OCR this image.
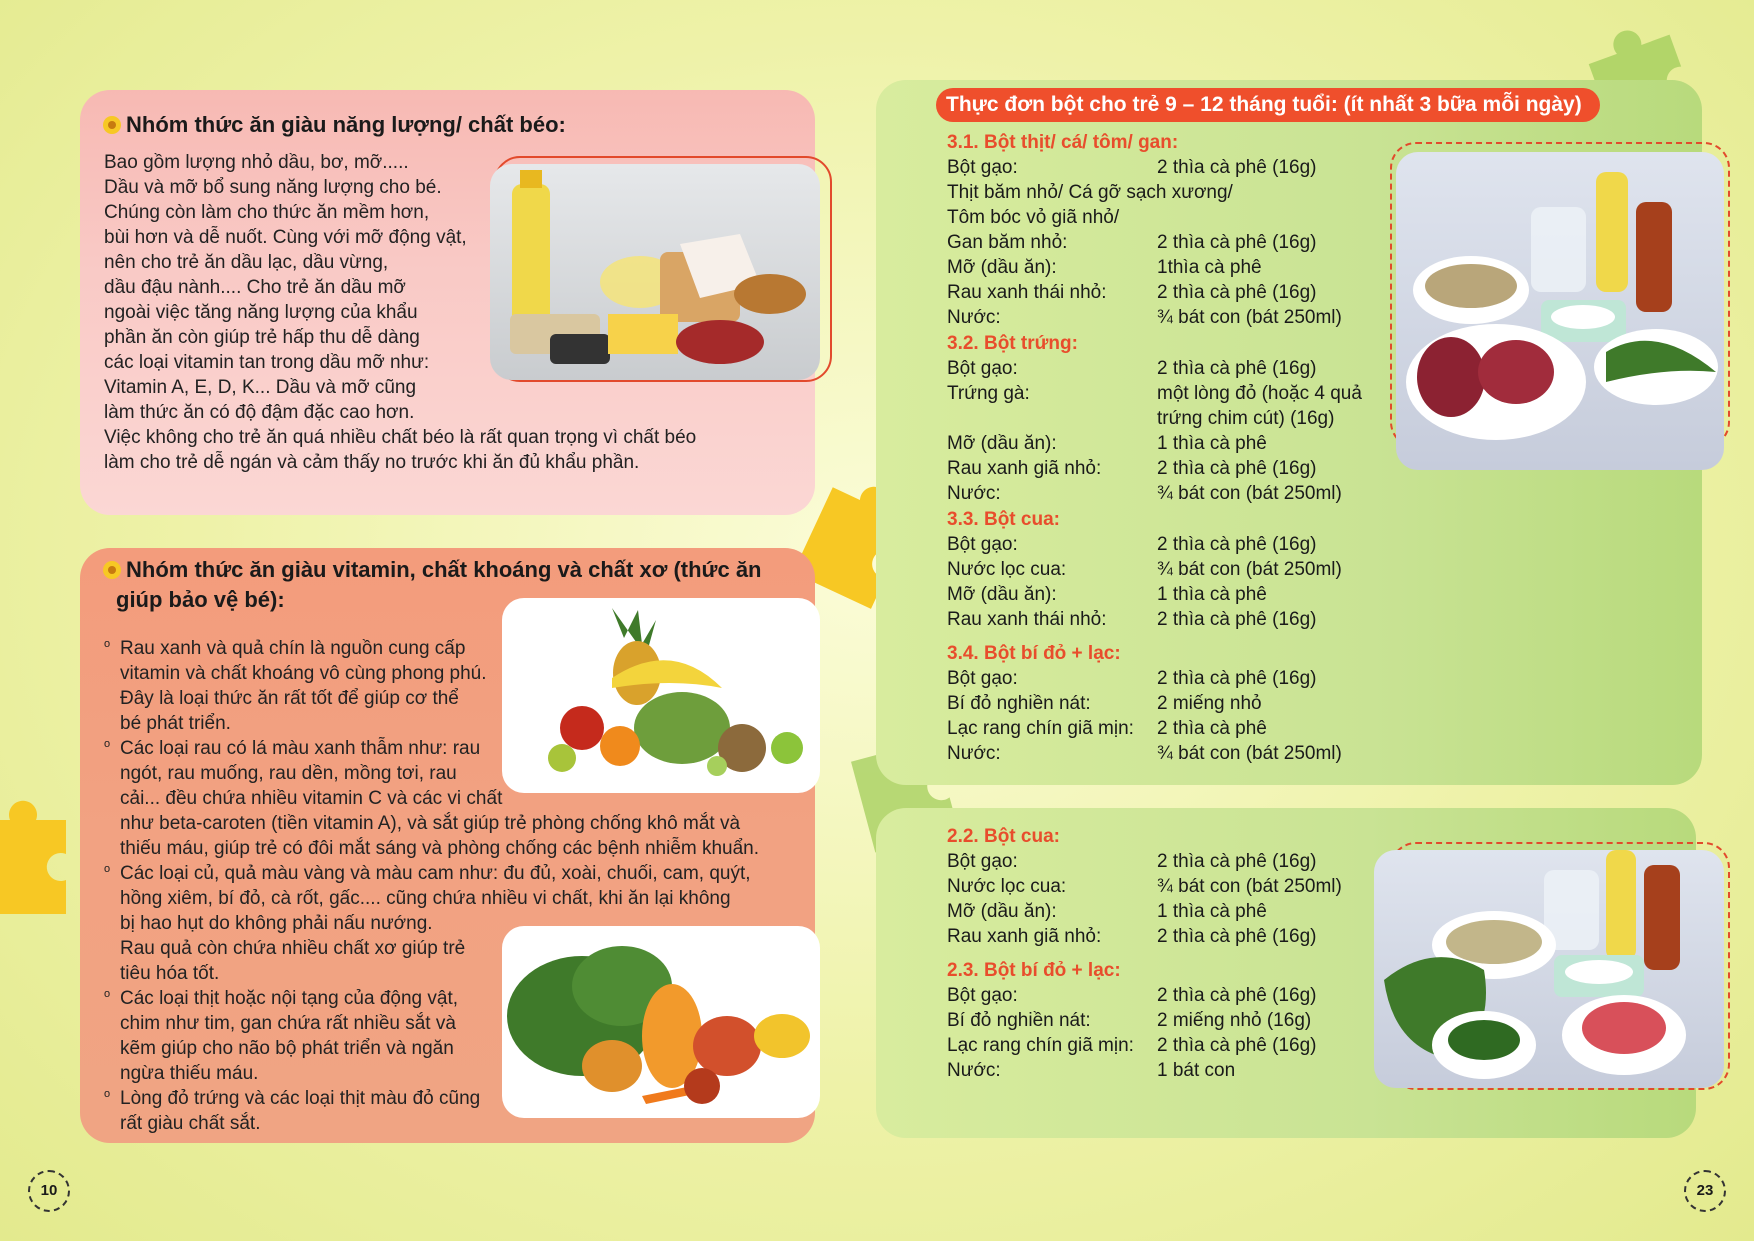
Nhóm thức ăn giàu năng lượng/ chất béo:
Bao gồm lượng nhỏ dầu, bơ, mỡ.....
Dầu và mỡ bổ sung năng lượng cho bé.
Chúng còn làm cho thức ăn mềm hơn,
bùi hơn và dễ nuốt. Cùng với mỡ động vật,
nên cho trẻ ăn dầu lạc, dầu vừng,
dầu đậu nành.... Cho trẻ ăn dầu mỡ
ngoài việc tăng năng lượng của khẩu
phần ăn còn giúp trẻ hấp thu dễ dàng
các loại vitamin tan trong dầu mỡ như:
Vitamin A, E, D, K... Dầu và mỡ cũng
làm thức ăn có độ đậm đặc cao hơn.
Việc không cho trẻ ăn quá nhiều chất béo là rất quan trọng vì chất béo
làm cho trẻ dễ ngán và cảm thấy no trước khi ăn đủ khẩu phần.
Nhóm thức ăn giàu vitamin, chất khoáng và chất xơ (thức ăn
giúp bảo vệ bé):
o Rau xanh và quả chín là nguồn cung cấp
vitamin và chất khoáng vô cùng phong phú.
Đây là loại thức ăn rất tốt để giúp cơ thể
bé phát triển.
o Các loại rau có lá màu xanh thẫm như: rau
ngót, rau muống, rau dền, mồng tơi, rau
cải... đều chứa nhiều vitamin C và các vi chất
như beta-caroten (tiền vitamin A), và sắt giúp trẻ phòng chống khô mắt và
thiếu máu, giúp trẻ có đôi mắt sáng và phòng chống các bệnh nhiễm khuẩn.
o Các loại củ, quả màu vàng và màu cam như: đu đủ, xoài, chuối, cam, quýt,
hồng xiêm, bí đỏ, cà rốt, gấc.... cũng chứa nhiều vi chất, khi ăn lại không
bị hao hụt do không phải nấu nướng.
Rau quả còn chứa nhiều chất xơ giúp trẻ
tiêu hóa tốt.
o Các loại thịt hoặc nội tạng của động vật,
chim như tim, gan chứa rất nhiều sắt và
kẽm giúp cho não bộ phát triển và ngăn
ngừa thiếu máu.
o Lòng đỏ trứng và các loại thịt màu đỏ cũng
rất giàu chất sắt.
Thực đơn bột cho trẻ 9 – 12 tháng tuổi: (ít nhất 3 bữa mỗi ngày)
3.1. Bột thịt/ cá/ tôm/ gan:
Bột gạo:	2 thìa cà phê (16g)
Thịt băm nhỏ/ Cá gỡ sạch xương/
Tôm bóc vỏ giã nhỏ/
Gan băm nhỏ:	2 thìa cà phê (16g)
Mỡ (dầu ăn):	1thìa cà phê
Rau xanh thái nhỏ:	2 thìa cà phê (16g)
Nước:	¾ bát con (bát 250ml)
3.2. Bột trứng:
Bột gạo:	2 thìa cà phê (16g)
Trứng gà:	một lòng đỏ (hoặc 4 quả
trứng chim cút) (16g)
Mỡ (dầu ăn):	1 thìa cà phê
Rau xanh giã nhỏ:	2 thìa cà phê (16g)
Nước:	¾ bát con (bát 250ml)
3.3. Bột cua:
Bột gạo:	2 thìa cà phê (16g)
Nước lọc cua:	¾ bát con (bát 250ml)
Mỡ (dầu ăn):	1 thìa cà phê
Rau xanh thái nhỏ:	2 thìa cà phê (16g)
3.4. Bột bí đỏ + lạc:
Bột gạo:	2 thìa cà phê (16g)
Bí đỏ nghiền nát:	2 miếng nhỏ
Lạc rang chín giã mịn:	2 thìa cà phê
Nước:	¾ bát con (bát 250ml)
2.2. Bột cua:
Bột gạo:	2 thìa cà phê (16g)
Nước lọc cua:	¾ bát con (bát 250ml)
Mỡ (dầu ăn):	1 thìa cà phê
Rau xanh giã nhỏ:	2 thìa cà phê (16g)
2.3. Bột bí đỏ + lạc:
Bột gạo:	2 thìa cà phê (16g)
Bí đỏ nghiền nát:	2 miếng nhỏ (16g)
Lạc rang chín giã mịn:	2 thìa cà phê (16g)
Nước:	1 bát con
10	23
